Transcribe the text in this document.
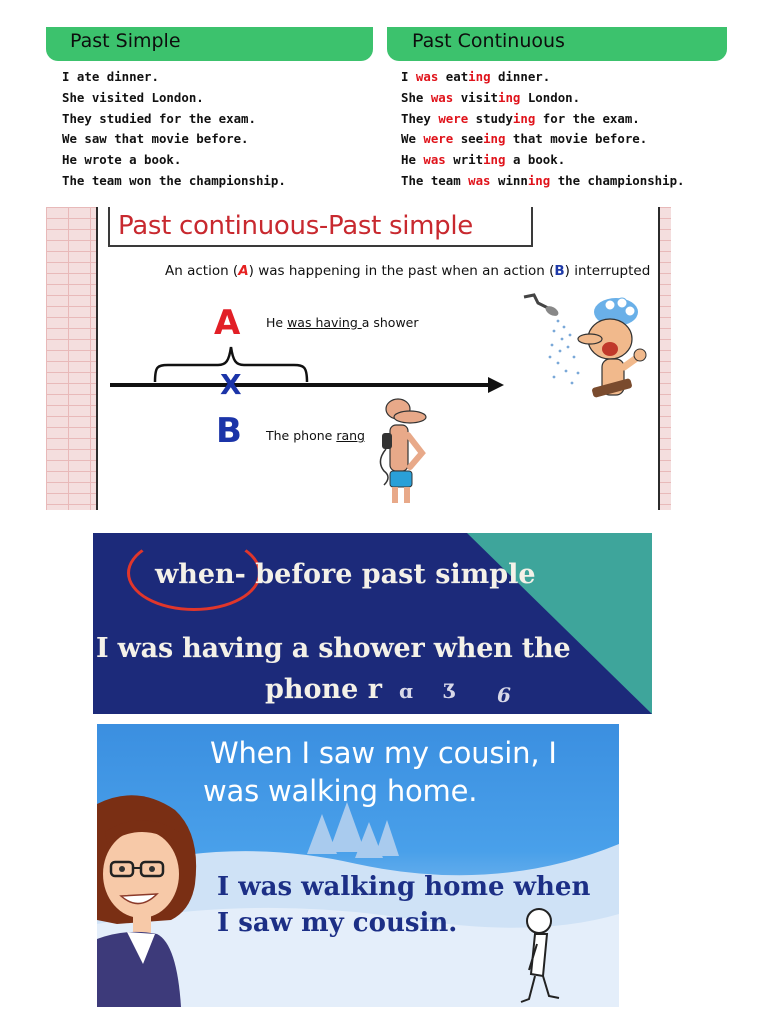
Past Simple
I ate dinner.
She visited London.
They studied for the exam.
We saw that movie before.
He wrote a book.
The team won the championship.
Past Continuous
I was eating dinner.
She was visiting London.
They were studying for the exam.
We were seeing that movie before.
He was writing a book.
The team was winning the championship.
Past continuous-Past simple
An action (A) was happening in the past when an action (B) interrupted
A
X
B
He was having a shower
The phone rang
when- before past simple
I was having a shower when the
phone r ɑ Ʒ 6
When I saw my cousin, I
was walking home.
I was walking home when
I saw my cousin.
